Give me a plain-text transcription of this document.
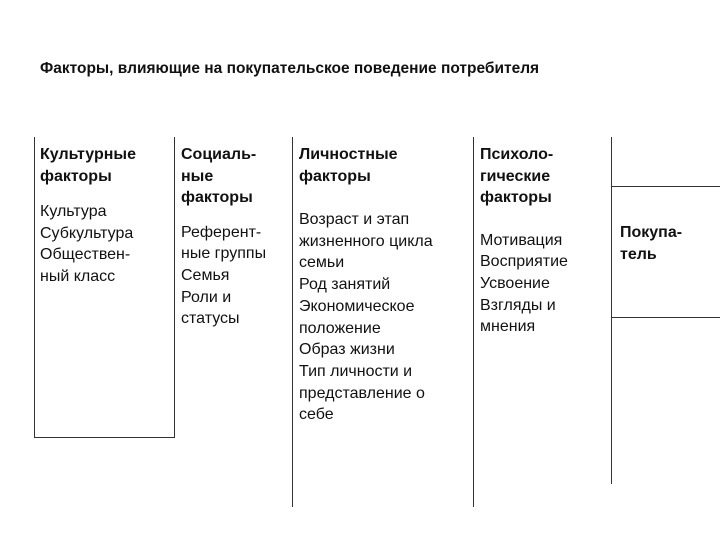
Факторы, влияющие на покупательское поведение потребителя
Культурные
факторы
Культура
Субкультура
Обществен-
ный класс
Социаль-
ные
факторы
Референт-
ные группы
Семья
Роли и
статусы
Личностные
факторы
Возраст и этап
жизненного цикла
семьи
Род занятий
Экономическое
положение
Образ жизни
Тип личности и
представление о
себе
Психоло-
гические
факторы
Мотивация
Восприятие
Усвоение
Взгляды и
мнения
Покупа-
тель
